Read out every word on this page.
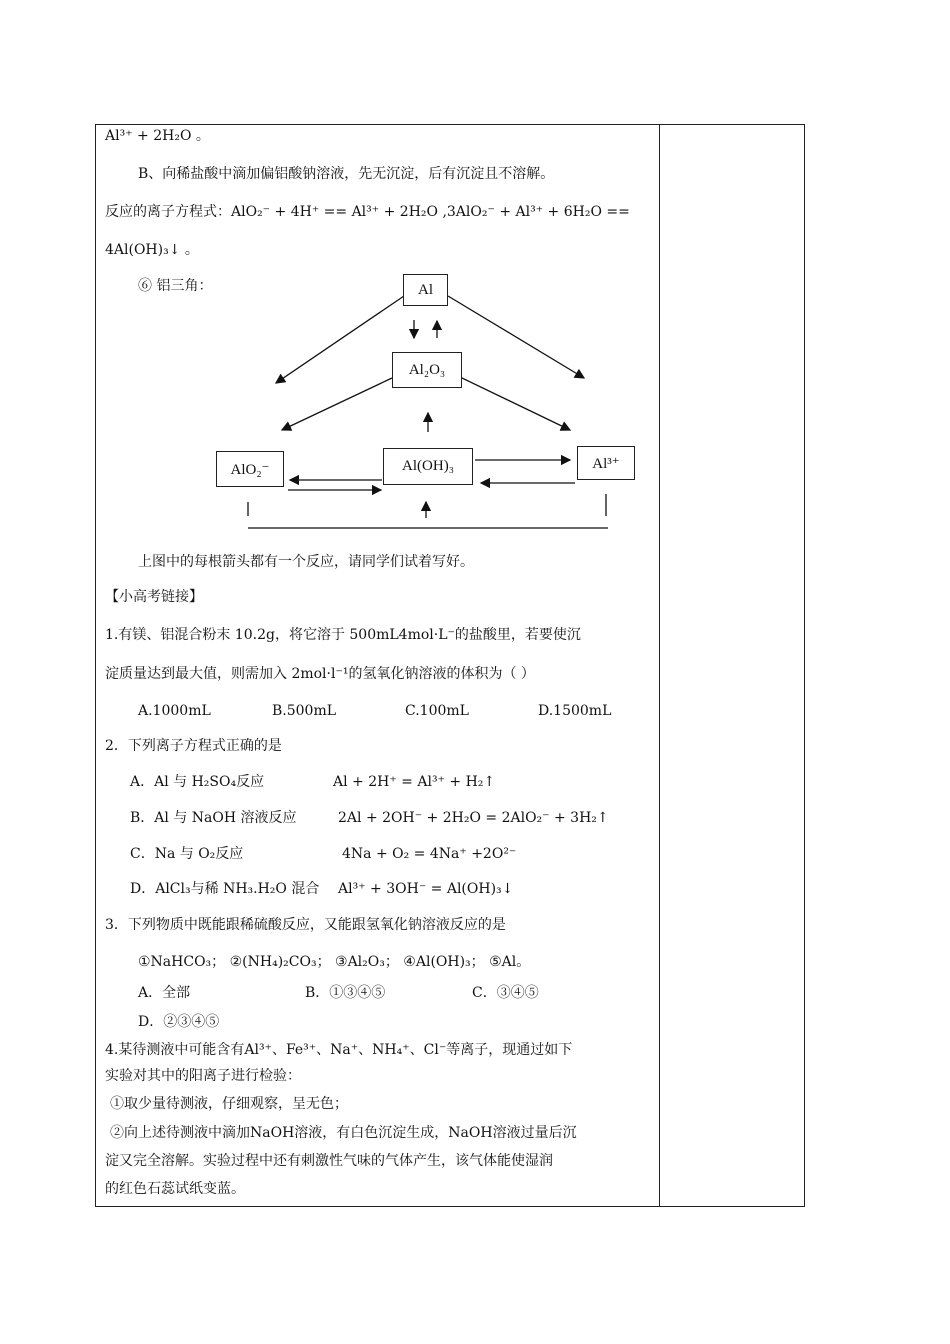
Al³⁺ + 2H₂O 。
B、向稀盐酸中滴加偏铝酸钠溶液，先无沉淀，后有沉淀且不溶解。
反应的离子方程式：AlO₂⁻ + 4H⁺ == Al³⁺ + 2H₂O ,3AlO₂⁻ + Al³⁺ + 6H₂O ==
4Al(OH)₃↓ 。
⑥ 铝三角：	Al
Al₂O₃
AlO₂⁻	Al(OH)₃	Al³⁺
上图中的每根箭头都有一个反应，请同学们试着写好。
【小高考链接】
1.有镁、铝混合粉末 10.2g，将它溶于 500mL4mol·L⁻的盐酸里，若要使沉
淀质量达到最大值，则需加入 2mol·l⁻¹的氢氧化钠溶液的体积为（ ）
A.1000mL	B.500mL	C.100mL	D.1500mL
2．下列离子方程式正确的是
A．Al 与 H₂SO₄反应	Al + 2H⁺ = Al³⁺ + H₂↑
B．Al 与 NaOH 溶液反应	2Al + 2OH⁻ + 2H₂O = 2AlO₂⁻ + 3H₂↑
C．Na 与 O₂反应	4Na + O₂ = 4Na⁺ +2O²⁻
D．AlCl₃与稀 NH₃.H₂O 混合 Al³⁺ + 3OH⁻ = Al(OH)₃↓
3．下列物质中既能跟稀硫酸反应，又能跟氢氧化钠溶液反应的是
①NaHCO₃； ②(NH₄)₂CO₃； ③Al₂O₃； ④Al(OH)₃； ⑤Al。
A．全部	B．①③④⑤	C．③④⑤
D．②③④⑤
4.某待测液中可能含有Al³⁺、Fe³⁺、Na⁺、NH₄⁺、Cl⁻等离子，现通过如下
实验对其中的阳离子进行检验：
①取少量待测液，仔细观察，呈无色；
②向上述待测液中滴加NaOH溶液，有白色沉淀生成，NaOH溶液过量后沉
淀又完全溶解。实验过程中还有刺激性气味的气体产生，该气体能使湿润
的红色石蕊试纸变蓝。
